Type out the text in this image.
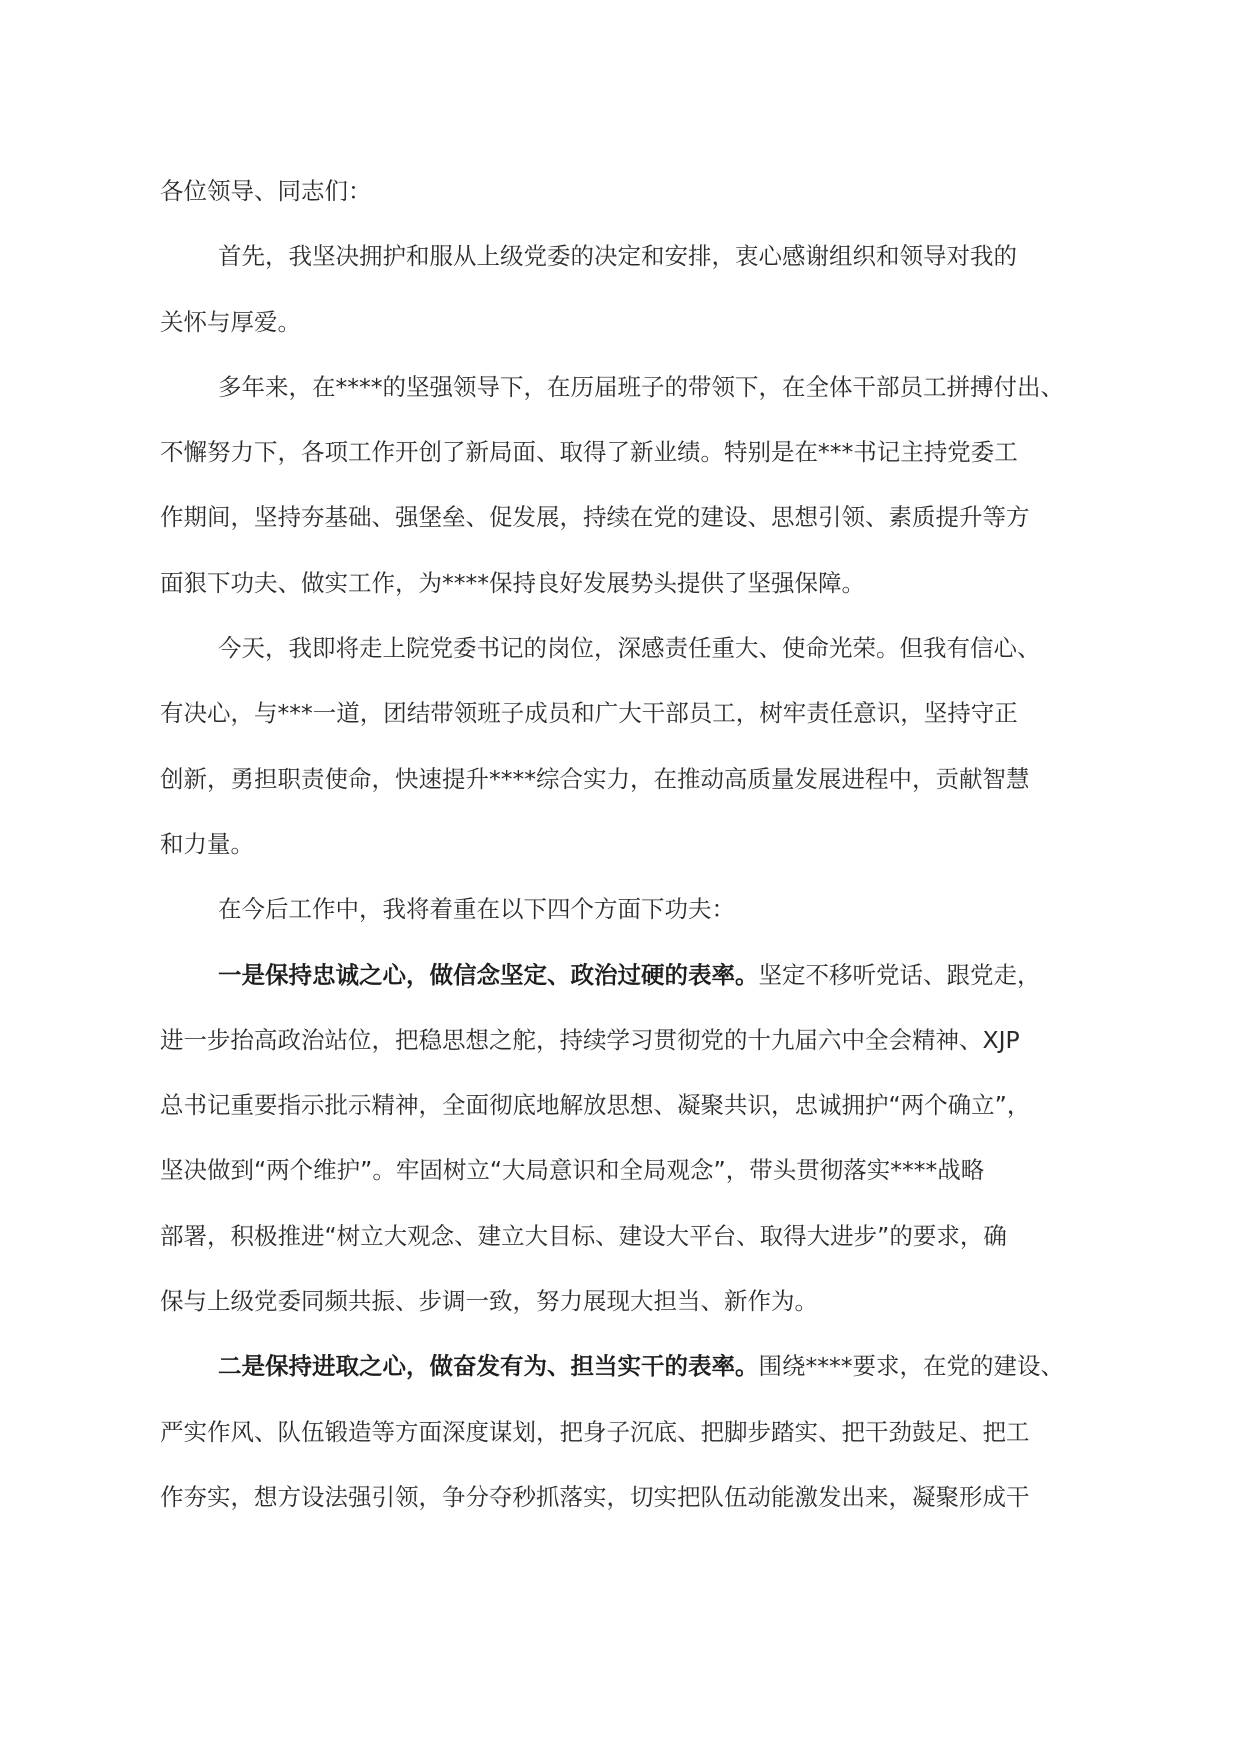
各位领导、同志们：
首先，我坚决拥护和服从上级党委的决定和安排，衷心感谢组织和领导对我的
关怀与厚爱。
多年来，在****的坚强领导下，在历届班子的带领下，在全体干部员工拼搏付出、
不懈努力下，各项工作开创了新局面、取得了新业绩。特别是在***书记主持党委工
作期间，坚持夯基础、强堡垒、促发展，持续在党的建设、思想引领、素质提升等方
面狠下功夫、做实工作，为****保持良好发展势头提供了坚强保障。
今天，我即将走上院党委书记的岗位，深感责任重大、使命光荣。但我有信心、
有决心，与***一道，团结带领班子成员和广大干部员工，树牢责任意识，坚持守正
创新，勇担职责使命，快速提升****综合实力，在推动高质量发展进程中，贡献智慧
和力量。
在今后工作中，我将着重在以下四个方面下功夫：
一是保持忠诚之心，做信念坚定、政治过硬的表率。坚定不移听党话、跟党走，
进一步抬高政治站位，把稳思想之舵，持续学习贯彻党的十九届六中全会精神、XJP
总书记重要指示批示精神，全面彻底地解放思想、凝聚共识，忠诚拥护“两个确立”，
坚决做到“两个维护”。牢固树立“大局意识和全局观念”，带头贯彻落实****战略
部署，积极推进“树立大观念、建立大目标、建设大平台、取得大进步”的要求，确
保与上级党委同频共振、步调一致，努力展现大担当、新作为。
二是保持进取之心，做奋发有为、担当实干的表率。围绕****要求，在党的建设、
严实作风、队伍锻造等方面深度谋划，把身子沉底、把脚步踏实、把干劲鼓足、把工
作夯实，想方设法强引领，争分夺秒抓落实，切实把队伍动能激发出来，凝聚形成干
